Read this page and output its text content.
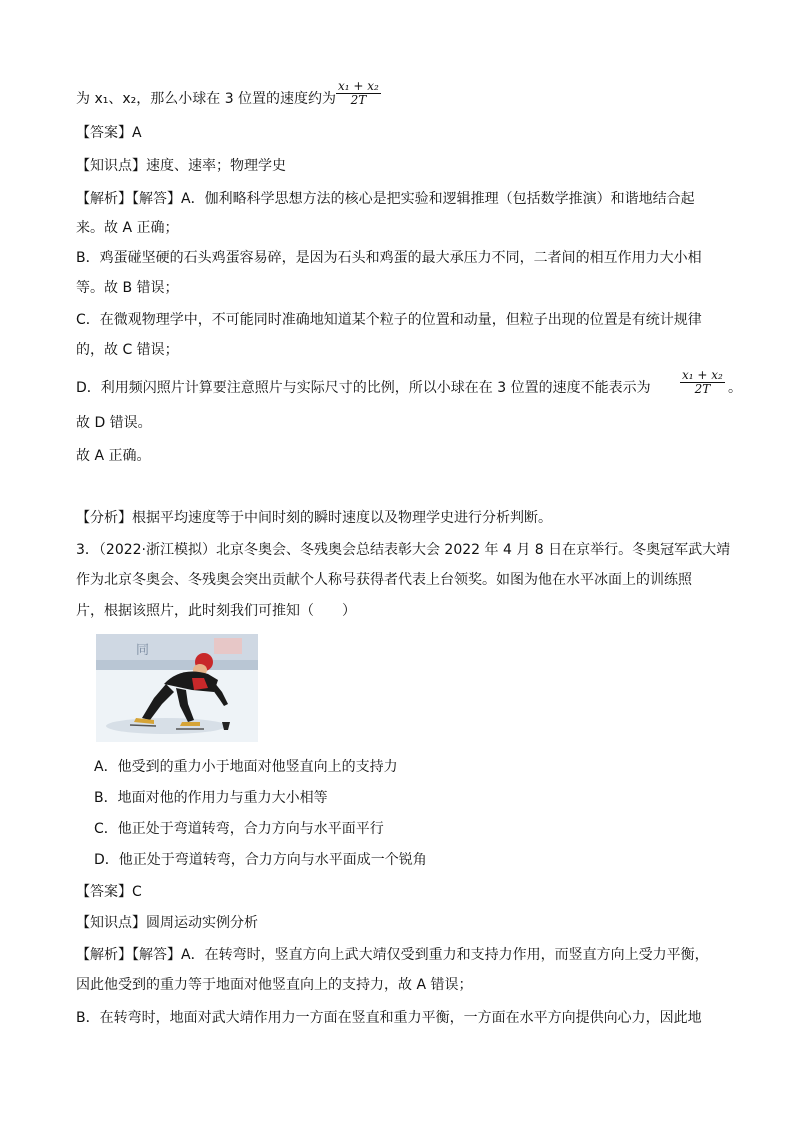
为 x₁、x₂，那么小球在 3 位置的速度约为 $\frac{\text{x₁ + x₂}}{2T}$
【答案】A
【知识点】速度、速率；物理学史
【解析】【解答】A．伽利略科学思想方法的核心是把实验和逻辑推理（包括数学推演）和谐地结合起
来。故 A 正确；
B．鸡蛋碰坚硬的石头鸡蛋容易碎，是因为石头和鸡蛋的最大承压力不同，二者间的相互作用力大小相
等。故 B 错误；
C．在微观物理学中，不可能同时准确地知道某个粒子的位置和动量，但粒子出现的位置是有统计规律
的，故 C 错误；
D．利用频闪照片计算要注意照片与实际尺寸的比例，所以小球在在 3 位置的速度不能表示为	$\frac{\text{x₁ + x₂}}{2T}$ 。
故 D 错误。
故 A 正确。
【分析】根据平均速度等于中间时刻的瞬时速度以及物理学史进行分析判断。
3．（2022·浙江模拟）北京冬奥会、冬残奥会总结表彰大会 2022 年 4 月 8 日在京举行。冬奥冠军武大靖
作为北京冬奥会、冬残奥会突出贡献个人称号获得者代表上台领奖。如图为他在水平冰面上的训练照
片，根据该照片，此时刻我们可推知（　　）
同
A．他受到的重力小于地面对他竖直向上的支持力
B．地面对他的作用力与重力大小相等
C．他正处于弯道转弯，合力方向与水平面平行
D．他正处于弯道转弯，合力方向与水平面成一个锐角
【答案】C
【知识点】圆周运动实例分析
【解析】【解答】A．在转弯时，竖直方向上武大靖仅受到重力和支持力作用，而竖直方向上受力平衡，
因此他受到的重力等于地面对他竖直向上的支持力，故 A 错误；
B．在转弯时，地面对武大靖作用力一方面在竖直和重力平衡，一方面在水平方向提供向心力，因此地
